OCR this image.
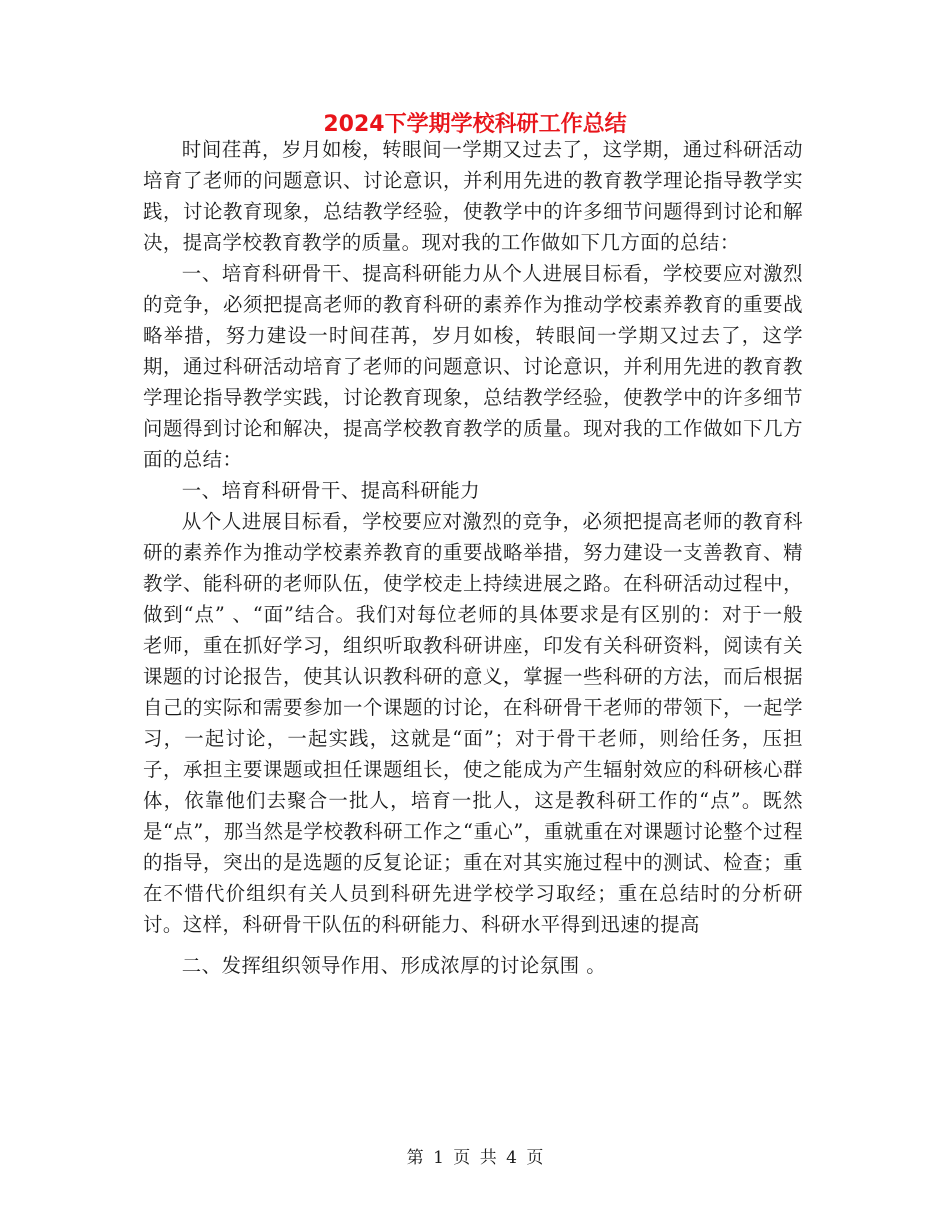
2024下学期学校科研工作总结

时间荏苒，岁月如梭，转眼间一学期又过去了，这学期，通过科研活动培育了老师的问题意识、讨论意识，并利用先进的教育教学理论指导教学实践，讨论教育现象，总结教学经验，使教学中的许多细节问题得到讨论和解决，提高学校教育教学的质量。现对我的工作做如下几方面的总结：

一、培育科研骨干、提高科研能力从个人进展目标看，学校要应对激烈的竞争，必须把提高老师的教育科研的素养作为推动学校素养教育的重要战略举措，努力建设一时间荏苒，岁月如梭，转眼间一学期又过去了，这学期，通过科研活动培育了老师的问题意识、讨论意识，并利用先进的教育教学理论指导教学实践，讨论教育现象，总结教学经验，使教学中的许多细节问题得到讨论和解决，提高学校教育教学的质量。现对我的工作做如下几方面的总结：

一、培育科研骨干、提高科研能力

从个人进展目标看，学校要应对激烈的竞争，必须把提高老师的教育科研的素养作为推动学校素养教育的重要战略举措，努力建设一支善教育、精教学、能科研的老师队伍，使学校走上持续进展之路。在科研活动过程中，做到“点” 、“面”结合。我们对每位老师的具体要求是有区别的：对于一般老师，重在抓好学习，组织听取教科研讲座，印发有关科研资料，阅读有关课题的讨论报告，使其认识教科研的意义，掌握一些科研的方法，而后根据自己的实际和需要参加一个课题的讨论，在科研骨干老师的带领下，一起学习，一起讨论，一起实践，这就是“面”；对于骨干老师，则给任务，压担子，承担主要课题或担任课题组长，使之能成为产生辐射效应的科研核心群体，依靠他们去聚合一批人，培育一批人，这是教科研工作的“点”。既然是“点”，那当然是学校教科研工作之“重心”，重就重在对课题讨论整个过程的指导，突出的是选题的反复论证；重在对其实施过程中的测试、检查；重在不惜代价组织有关人员到科研先进学校学习取经；重在总结时的分析研讨。这样，科研骨干队伍的科研能力、科研水平得到迅速的提高

二、发挥组织领导作用、形成浓厚的讨论氛围 。

第 1 页 共 4 页
